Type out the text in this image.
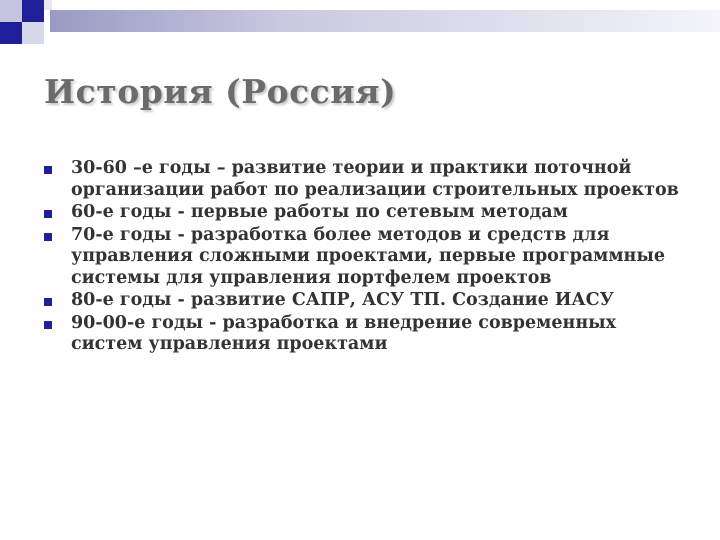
История (Россия)
30-60 –е годы – развитие теории и практики поточной организации работ по реализации строительных проектов
60-е годы - первые работы по сетевым методам
70-е годы - разработка более методов и средств для управления сложными проектами, первые программные системы для управления портфелем проектов
80-е годы - развитие САПР, АСУ ТП. Создание ИАСУ
90-00-е годы - разработка и внедрение современных систем управления проектами
